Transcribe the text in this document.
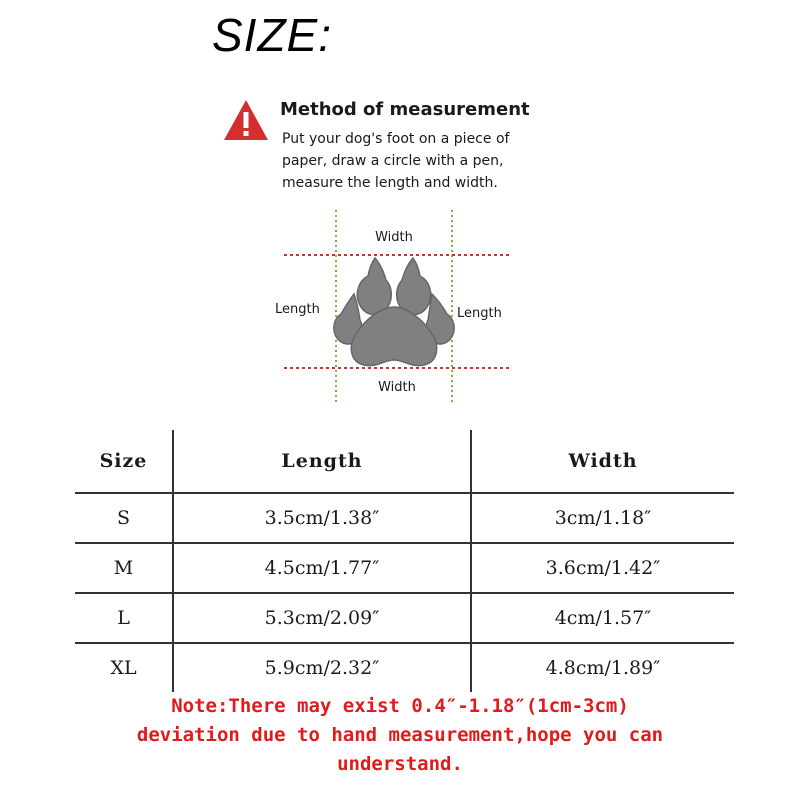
SIZE:
Method of measurement
Put your dog's foot on a piece of
paper, draw a circle with a pen,
measure the length and width.
Width
Width
Length	Length
Size	Length	Width
S	3.5cm/1.38″	3cm/1.18″
M	4.5cm/1.77″	3.6cm/1.42″
L	5.3cm/2.09″	4cm/1.57″
XL	5.9cm/2.32″	4.8cm/1.89″
Note:There may exist 0.4″-1.18″(1cm-3cm)
deviation due to hand measurement,hope you can
understand.
